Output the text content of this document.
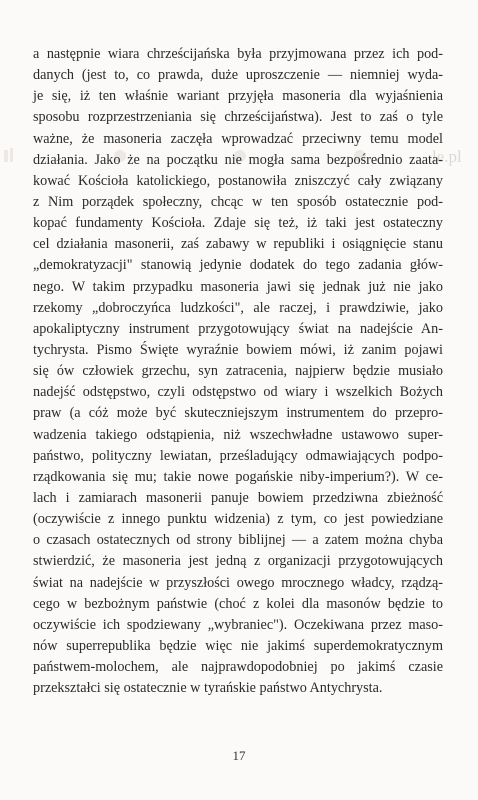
le.pl
a następnie wiara chrześcijańska była przyjmowana przez ich pod-
danych (jest to, co prawda, duże uproszczenie — niemniej wyda-
je się, iż ten właśnie wariant przyjęła masoneria dla wyjaśnienia
sposobu rozprzestrzeniania się chrześcijaństwa). Jest to zaś o tyle
ważne, że masoneria zaczęła wprowadzać przeciwny temu model
działania. Jako że na początku nie mogła sama bezpośrednio zaata-
kować Kościoła katolickiego, postanowiła zniszczyć cały związany
z Nim porządek społeczny, chcąc w ten sposób ostatecznie pod-
kopać fundamenty Kościoła. Zdaje się też, iż taki jest ostateczny
cel działania masonerii, zaś zabawy w republiki i osiągnięcie stanu
„demokratyzacji" stanowią jedynie dodatek do tego zadania głów-
nego. W takim przypadku masoneria jawi się jednak już nie jako
rzekomy „dobroczyńca ludzkości", ale raczej, i prawdziwie, jako
apokaliptyczny instrument przygotowujący świat na nadejście An-
tychrysta. Pismo Święte wyraźnie bowiem mówi, iż zanim pojawi
się ów człowiek grzechu, syn zatracenia, najpierw będzie musiało
nadejść odstępstwo, czyli odstępstwo od wiary i wszelkich Bożych
praw (a cóż może być skuteczniejszym instrumentem do przepro-
wadzenia takiego odstąpienia, niż wszechwładne ustawowo super-
państwo, polityczny lewiatan, prześladujący odmawiających podpo-
rządkowania się mu; takie nowe pogańskie niby-imperium?). W ce-
lach i zamiarach masonerii panuje bowiem przedziwna zbieżność
(oczywiście z innego punktu widzenia) z tym, co jest powiedziane
o czasach ostatecznych od strony biblijnej — a zatem można chyba
stwierdzić, że masoneria jest jedną z organizacji przygotowujących
świat na nadejście w przyszłości owego mrocznego władcy, rządzą-
cego w bezbożnym państwie (choć z kolei dla masonów będzie to
oczywiście ich spodziewany „wybraniec"). Oczekiwana przez maso-
nów superrepublika będzie więc nie jakimś superdemokratycznym
państwem-molochem, ale najprawdopodobniej po jakimś czasie
przekształci się ostatecznie w tyrańskie państwo Antychrysta.
17
